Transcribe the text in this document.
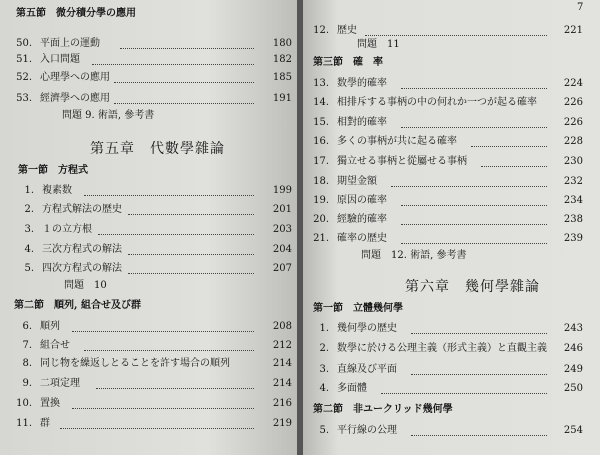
第五節　微分積分學の應用
50. 平面上の運動	180
51. 入口問題	182
52. 心理學への應用	185
53. 經濟學への應用	191
問題 9. 術語, 參考書
第五章　代數學雜論
第一節　方程式
1. 複素数	199
2. 方程式解法の歴史	201
3. １の立方根	203
4. 三次方程式の解法	204
5. 四次方程式の解法	207
問題　10
第二節　順列, 組合せ及び群
6. 順列	208
7. 組合せ	212
8. 同じ物を繰返しとることを許す場合の順列	214
9. 二項定理	214
10. 置換	216
11. 群	219
7
12. 歴史	221
問題　11
第三節　確　率
13. 数學的確率	224
14. 相排斥する事柄の中の何れか一つが起る確率	226
15. 相對的確率	226
16. 多くの事柄が共に起る確率	228
17. 獨立せる事柄と從屬せる事柄	230
18. 期望金額	232
19. 原因の確率	234
20. 經驗的確率	238
21. 確率の歴史	239
問題　12. 術語, 參考書
第六章　幾何學雜論
第一節　立體幾何學
1. 幾何學の歴史	243
2. 数學に於ける公理主義（形式主義）と直觀主義	246
3. 直線及び平面	249
4. 多面體	250
第二節　非ユークリッド幾何學
5. 平行線の公理	254
